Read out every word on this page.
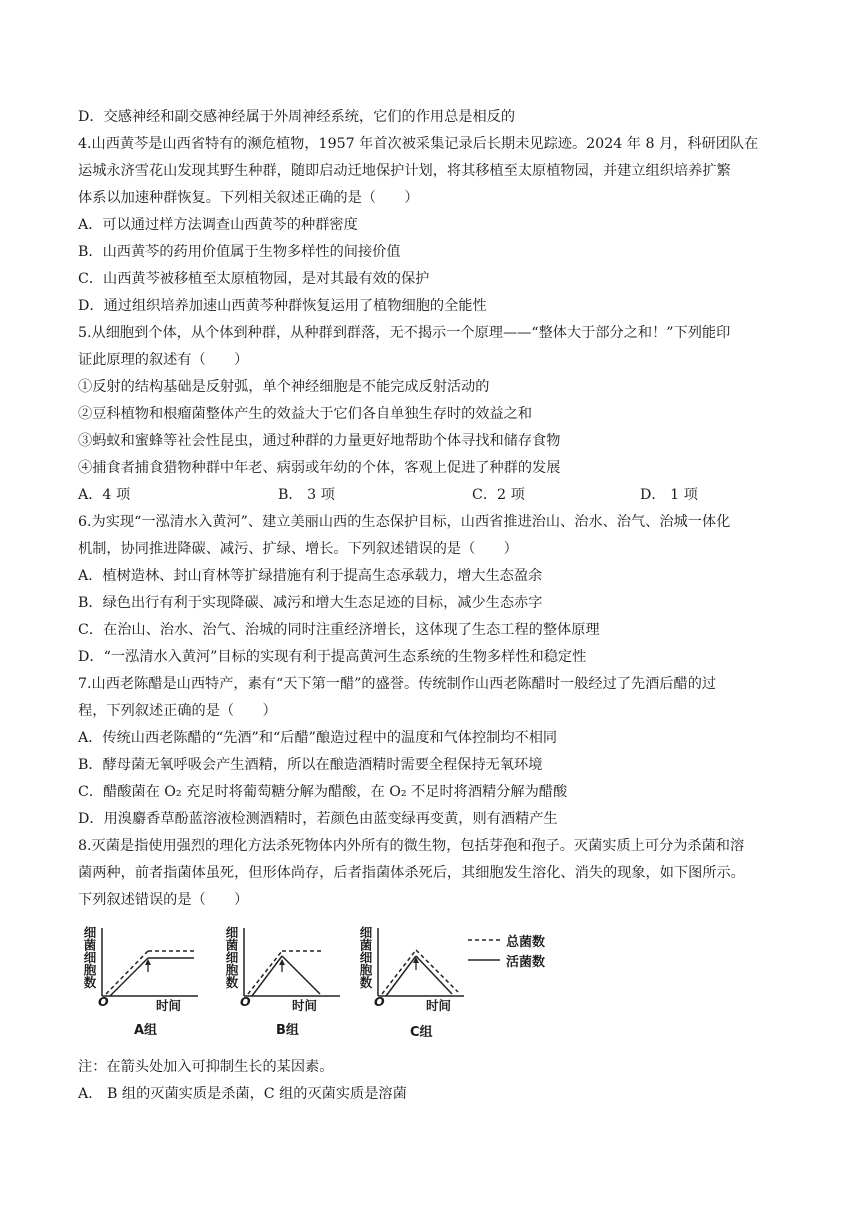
D．交感神经和副交感神经属于外周神经系统，它们的作用总是相反的
4.山西黄芩是山西省特有的濒危植物，1957 年首次被采集记录后长期未见踪迹。2024 年 8 月，科研团队在
运城永济雪花山发现其野生种群，随即启动迁地保护计划，将其移植至太原植物园，并建立组织培养扩繁
体系以加速种群恢复。下列相关叙述正确的是（　　）
A．可以通过样方法调查山西黄芩的种群密度
B．山西黄芩的药用价值属于生物多样性的间接价值
C．山西黄芩被移植至太原植物园，是对其最有效的保护
D．通过组织培养加速山西黄芩种群恢复运用了植物细胞的全能性
5.从细胞到个体，从个体到种群，从种群到群落，无不揭示一个原理——“整体大于部分之和！”下列能印
证此原理的叙述有（　　）
①反射的结构基础是反射弧，单个神经细胞是不能完成反射活动的
②豆科植物和根瘤菌整体产生的效益大于它们各自单独生存时的效益之和
③蚂蚁和蜜蜂等社会性昆虫，通过种群的力量更好地帮助个体寻找和储存食物
④捕食者捕食猎物种群中年老、病弱或年幼的个体，客观上促进了种群的发展
A．4 项	B． 3 项	C．2 项	D． 1 项
6.为实现“一泓清水入黄河”、建立美丽山西的生态保护目标，山西省推进治山、治水、治气、治城一体化
机制，协同推进降碳、减污、扩绿、增长。下列叙述错误的是（　　）
A．植树造林、封山育林等扩绿措施有利于提高生态承载力，增大生态盈余
B．绿色出行有利于实现降碳、减污和增大生态足迹的目标，减少生态赤字
C．在治山、治水、治气、治城的同时注重经济增长，这体现了生态工程的整体原理
D．“一泓清水入黄河”目标的实现有利于提高黄河生态系统的生物多样性和稳定性
7.山西老陈醋是山西特产，素有“天下第一醋”的盛誉。传统制作山西老陈醋时一般经过了先酒后醋的过
程，下列叙述正确的是（　　）
A．传统山西老陈醋的“先酒”和“后醋”酿造过程中的温度和气体控制均不相同
B．酵母菌无氧呼吸会产生酒精，所以在酿造酒精时需要全程保持无氧环境
C．醋酸菌在 O₂ 充足时将葡萄糖分解为醋酸，在 O₂ 不足时将酒精分解为醋酸
D．用溴麝香草酚蓝溶液检测酒精时，若颜色由蓝变绿再变黄，则有酒精产生
8.灭菌是指使用强烈的理化方法杀死物体内外所有的微生物，包括芽孢和孢子。灭菌实质上可分为杀菌和溶
菌两种，前者指菌体虽死，但形体尚存，后者指菌体杀死后，其细胞发生溶化、消失的现象，如下图所示。
下列叙述错误的是（　　）
细菌细胞数
O	时间
A组
细菌细胞数
O	时间
B组
细菌细胞数
O	时间
C组
总菌数
活菌数
注：在箭头处加入可抑制生长的某因素。
A． B 组的灭菌实质是杀菌，C 组的灭菌实质是溶菌
